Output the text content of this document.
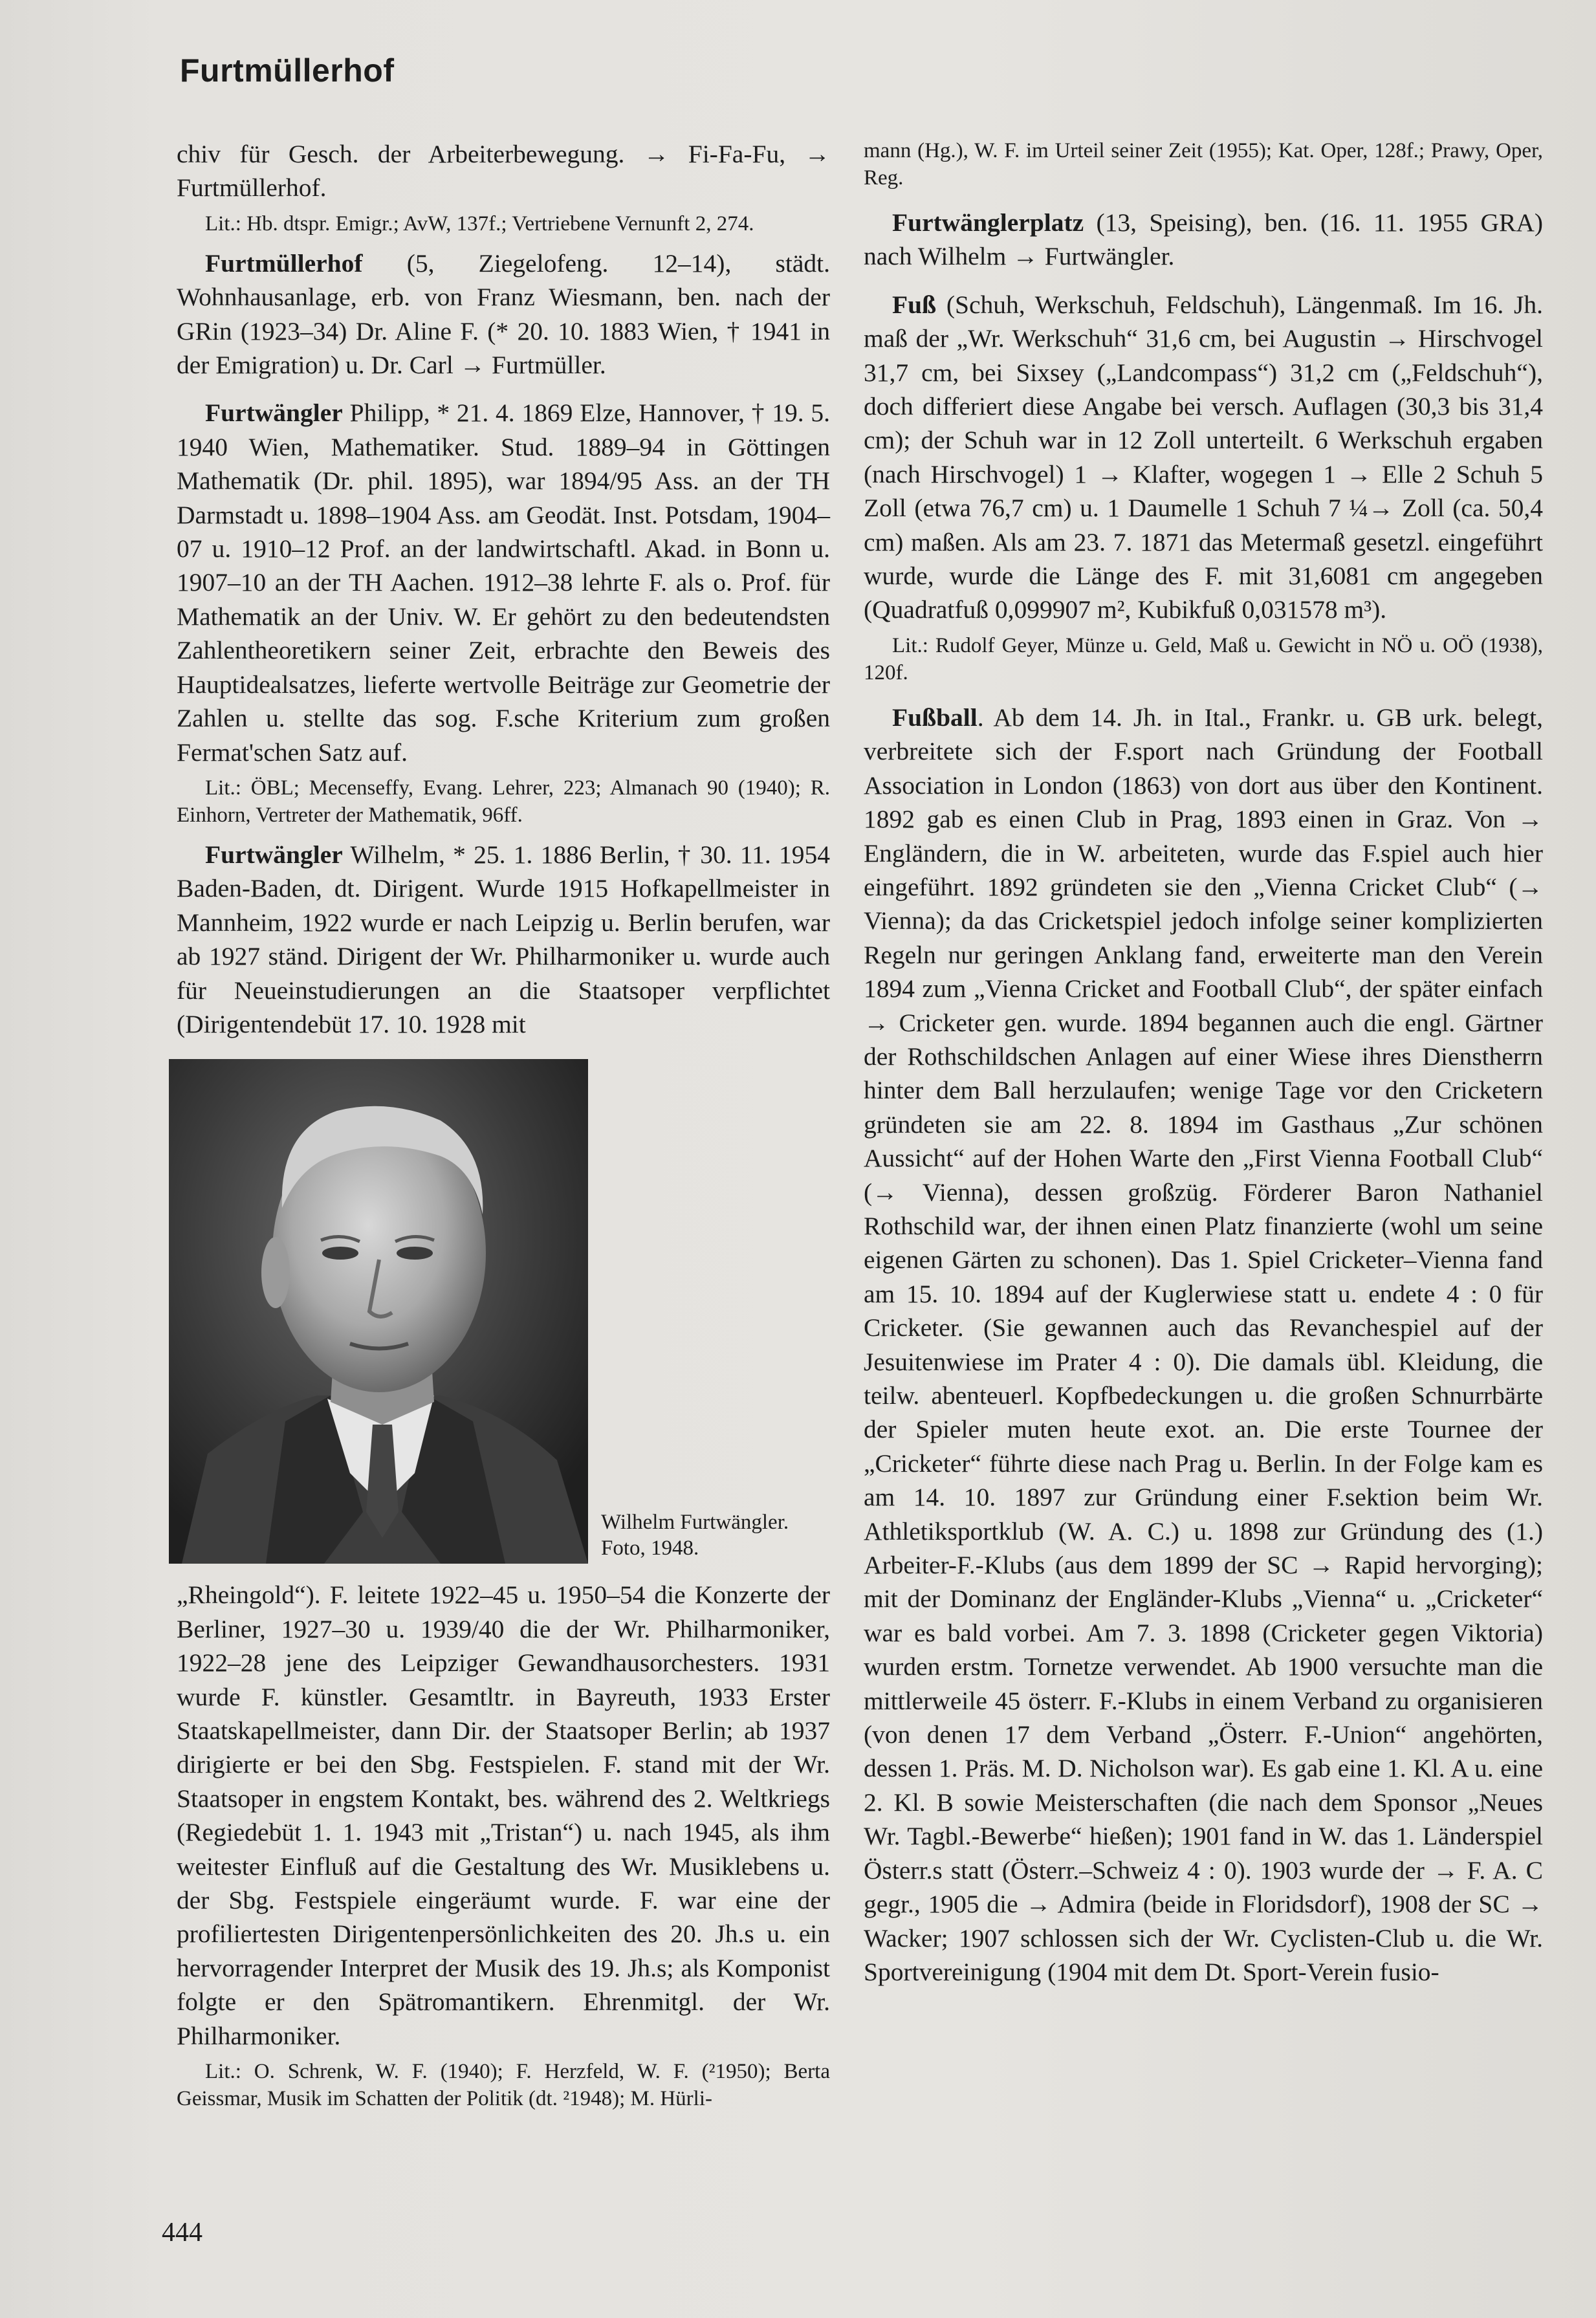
Furtmüllerhof

chiv für Gesch. der Arbeiterbewegung. → Fi-Fa-Fu, → Furtmüllerhof.

Lit.: Hb. dtspr. Emigr.; AvW, 137f.; Vertriebene Vernunft 2, 274.

Furtmüllerhof (5, Ziegelofeng. 12–14), städt. Wohnhausanlage, erb. von Franz Wiesmann, ben. nach der GRin (1923–34) Dr. Aline F. (* 20. 10. 1883 Wien, † 1941 in der Emigration) u. Dr. Carl → Furtmüller.

Furtwängler Philipp, * 21. 4. 1869 Elze, Hannover, † 19. 5. 1940 Wien, Mathematiker. Stud. 1889–94 in Göttingen Mathematik (Dr. phil. 1895), war 1894/95 Ass. an der TH Darmstadt u. 1898–1904 Ass. am Geodät. Inst. Potsdam, 1904–07 u. 1910–12 Prof. an der landwirtschaftl. Akad. in Bonn u. 1907–10 an der TH Aachen. 1912–38 lehrte F. als o. Prof. für Mathematik an der Univ. W. Er gehört zu den bedeutendsten Zahlentheoretikern seiner Zeit, erbrachte den Beweis des Hauptidealsatzes, lieferte wertvolle Beiträge zur Geometrie der Zahlen u. stellte das sog. F.sche Kriterium zum großen Fermat'schen Satz auf.

Lit.: ÖBL; Mecenseffy, Evang. Lehrer, 223; Almanach 90 (1940); R. Einhorn, Vertreter der Mathematik, 96ff.

Furtwängler Wilhelm, * 25. 1. 1886 Berlin, † 30. 11. 1954 Baden-Baden, dt. Dirigent. Wurde 1915 Hofkapellmeister in Mannheim, 1922 wurde er nach Leipzig u. Berlin berufen, war ab 1927 ständ. Dirigent der Wr. Philharmoniker u. wurde auch für Neueinstudierungen an die Staatsoper verpflichtet (Dirigentendebüt 17. 10. 1928 mit

Wilhelm Furtwängler.
Foto, 1948.

„Rheingold“). F. leitete 1922–45 u. 1950–54 die Konzerte der Berliner, 1927–30 u. 1939/40 die der Wr. Philharmoniker, 1922–28 jene des Leipziger Gewandhausorchesters. 1931 wurde F. künstler. Gesamtltr. in Bayreuth, 1933 Erster Staatskapellmeister, dann Dir. der Staatsoper Berlin; ab 1937 dirigierte er bei den Sbg. Festspielen. F. stand mit der Wr. Staatsoper in engstem Kontakt, bes. während des 2. Weltkriegs (Regiedebüt 1. 1. 1943 mit „Tristan“) u. nach 1945, als ihm weitester Einfluß auf die Gestaltung des Wr. Musiklebens u. der Sbg. Festspiele eingeräumt wurde. F. war eine der profiliertesten Dirigentenpersönlichkeiten des 20. Jh.s u. ein hervorragender Interpret der Musik des 19. Jh.s; als Komponist folgte er den Spätromantikern. Ehrenmitgl. der Wr. Philharmoniker.

Lit.: O. Schrenk, W. F. (1940); F. Herzfeld, W. F. (²1950); Berta Geissmar, Musik im Schatten der Politik (dt. ²1948); M. Hürli-

mann (Hg.), W. F. im Urteil seiner Zeit (1955); Kat. Oper, 128f.; Prawy, Oper, Reg.

Furtwänglerplatz (13, Speising), ben. (16. 11. 1955 GRA) nach Wilhelm → Furtwängler.

Fuß (Schuh, Werkschuh, Feldschuh), Längenmaß. Im 16. Jh. maß der „Wr. Werkschuh“ 31,6 cm, bei Augustin → Hirschvogel 31,7 cm, bei Sixsey („Landcompass“) 31,2 cm („Feldschuh“), doch differiert diese Angabe bei versch. Auflagen (30,3 bis 31,4 cm); der Schuh war in 12 Zoll unterteilt. 6 Werkschuh ergaben (nach Hirschvogel) 1 → Klafter, wogegen 1 → Elle 2 Schuh 5 Zoll (etwa 76,7 cm) u. 1 Daumelle 1 Schuh 7 ¼→ Zoll (ca. 50,4 cm) maßen. Als am 23. 7. 1871 das Metermaß gesetzl. eingeführt wurde, wurde die Länge des F. mit 31,6081 cm angegeben (Quadratfuß 0,099907 m², Kubikfuß 0,031578 m³).

Lit.: Rudolf Geyer, Münze u. Geld, Maß u. Gewicht in NÖ u. OÖ (1938), 120f.

Fußball. Ab dem 14. Jh. in Ital., Frankr. u. GB urk. belegt, verbreitete sich der F.sport nach Gründung der Football Association in London (1863) von dort aus über den Kontinent. 1892 gab es einen Club in Prag, 1893 einen in Graz. Von → Engländern, die in W. arbeiteten, wurde das F.spiel auch hier eingeführt. 1892 gründeten sie den „Vienna Cricket Club“ (→ Vienna); da das Cricketspiel jedoch infolge seiner komplizierten Regeln nur geringen Anklang fand, erweiterte man den Verein 1894 zum „Vienna Cricket and Football Club“, der später einfach → Cricketer gen. wurde. 1894 begannen auch die engl. Gärtner der Rothschildschen Anlagen auf einer Wiese ihres Dienstherrn hinter dem Ball herzulaufen; wenige Tage vor den Cricketern gründeten sie am 22. 8. 1894 im Gasthaus „Zur schönen Aussicht“ auf der Hohen Warte den „First Vienna Football Club“ (→ Vienna), dessen großzüg. Förderer Baron Nathaniel Rothschild war, der ihnen einen Platz finanzierte (wohl um seine eigenen Gärten zu schonen). Das 1. Spiel Cricketer–Vienna fand am 15. 10. 1894 auf der Kuglerwiese statt u. endete 4 : 0 für Cricketer. (Sie gewannen auch das Revanchespiel auf der Jesuitenwiese im Prater 4 : 0). Die damals übl. Kleidung, die teilw. abenteuerl. Kopfbedeckungen u. die großen Schnurrbärte der Spieler muten heute exot. an. Die erste Tournee der „Cricketer“ führte diese nach Prag u. Berlin. In der Folge kam es am 14. 10. 1897 zur Gründung einer F.sektion beim Wr. Athletiksportklub (W. A. C.) u. 1898 zur Gründung des (1.) Arbeiter-F.-Klubs (aus dem 1899 der SC → Rapid hervorging); mit der Dominanz der Engländer-Klubs „Vienna“ u. „Cricketer“ war es bald vorbei. Am 7. 3. 1898 (Cricketer gegen Viktoria) wurden erstm. Tornetze verwendet. Ab 1900 versuchte man die mittlerweile 45 österr. F.-Klubs in einem Verband zu organisieren (von denen 17 dem Verband „Österr. F.-Union“ angehörten, dessen 1. Präs. M. D. Nicholson war). Es gab eine 1. Kl. A u. eine 2. Kl. B sowie Meisterschaften (die nach dem Sponsor „Neues Wr. Tagbl.-Bewerbe“ hießen); 1901 fand in W. das 1. Länderspiel Österr.s statt (Österr.–Schweiz 4 : 0). 1903 wurde der → F. A. C gegr., 1905 die → Admira (beide in Floridsdorf), 1908 der SC → Wacker; 1907 schlossen sich der Wr. Cyclisten-Club u. die Wr. Sportvereinigung (1904 mit dem Dt. Sport-Verein fusio-

444
